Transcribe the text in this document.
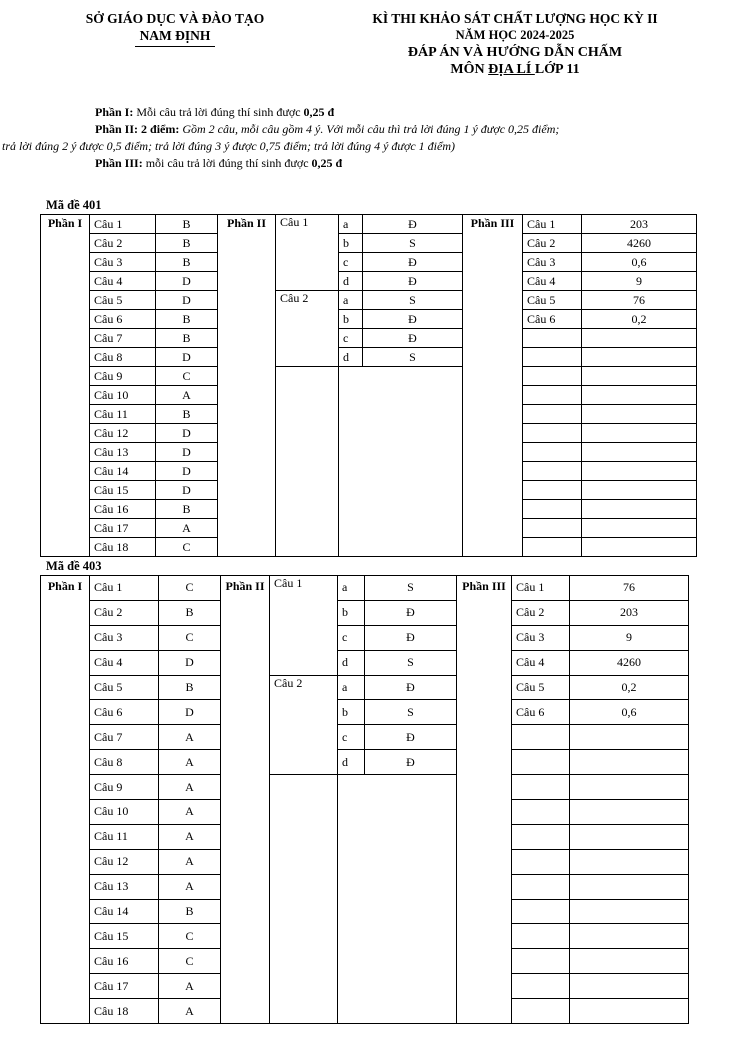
SỞ GIÁO DỤC VÀ ĐÀO TẠO
NAM ĐỊNH
KÌ THI KHẢO SÁT CHẤT LƯỢNG HỌC KỲ II
NĂM HỌC 2024-2025
ĐÁP ÁN VÀ HƯỚNG DẪN CHẤM
MÔN ĐỊA LÍ LỚP 11

Phần I: Mỗi câu trả lời đúng thí sinh được 0,25 đ

Phần II: 2 điểm: Gồm 2 câu, mỗi câu gồm 4 ý. Với mỗi câu thì trả lời đúng 1 ý được 0,25 điểm;

trả lời đúng 2 ý được 0,5 điểm; trả lời đúng 3 ý được 0,75 điểm; trả lời đúng 4 ý được 1 điểm)

Phần III: mỗi câu trả lời đúng thí sinh được 0,25 đ

Mã đề 401
Phần I	Câu 1	B	Phần II	Câu 1	a	Đ	Phần III	Câu 1	203
	Câu 2	B			b	S		Câu 2	4260
	Câu 3	B			c	Đ		Câu 3	0,6
	Câu 4	D			d	Đ		Câu 4	9
	Câu 5	D		Câu 2	a	S		Câu 5	76
	Câu 6	B			b	Đ		Câu 6	0,2
	Câu 7	B			c	Đ			
	Câu 8	D			d	S			
	Câu 9	C							
	Câu 10	A							
	Câu 11	B							
	Câu 12	D							
	Câu 13	D							
	Câu 14	D							
	Câu 15	D							
	Câu 16	B							
	Câu 17	A							
	Câu 18	C							
Mã đề 403
Phần I	Câu 1	C	Phần II	Câu 1	a	S	Phần III	Câu 1	76
	Câu 2	B			b	Đ		Câu 2	203
	Câu 3	C			c	Đ		Câu 3	9
	Câu 4	D			d	S		Câu 4	4260
	Câu 5	B		Câu 2	a	Đ		Câu 5	0,2
	Câu 6	D			b	S		Câu 6	0,6
	Câu 7	A			c	Đ			
	Câu 8	A			d	Đ			
	Câu 9	A							
	Câu 10	A							
	Câu 11	A							
	Câu 12	A							
	Câu 13	A							
	Câu 14	B							
	Câu 15	C							
	Câu 16	C							
	Câu 17	A							
	Câu 18	A							
